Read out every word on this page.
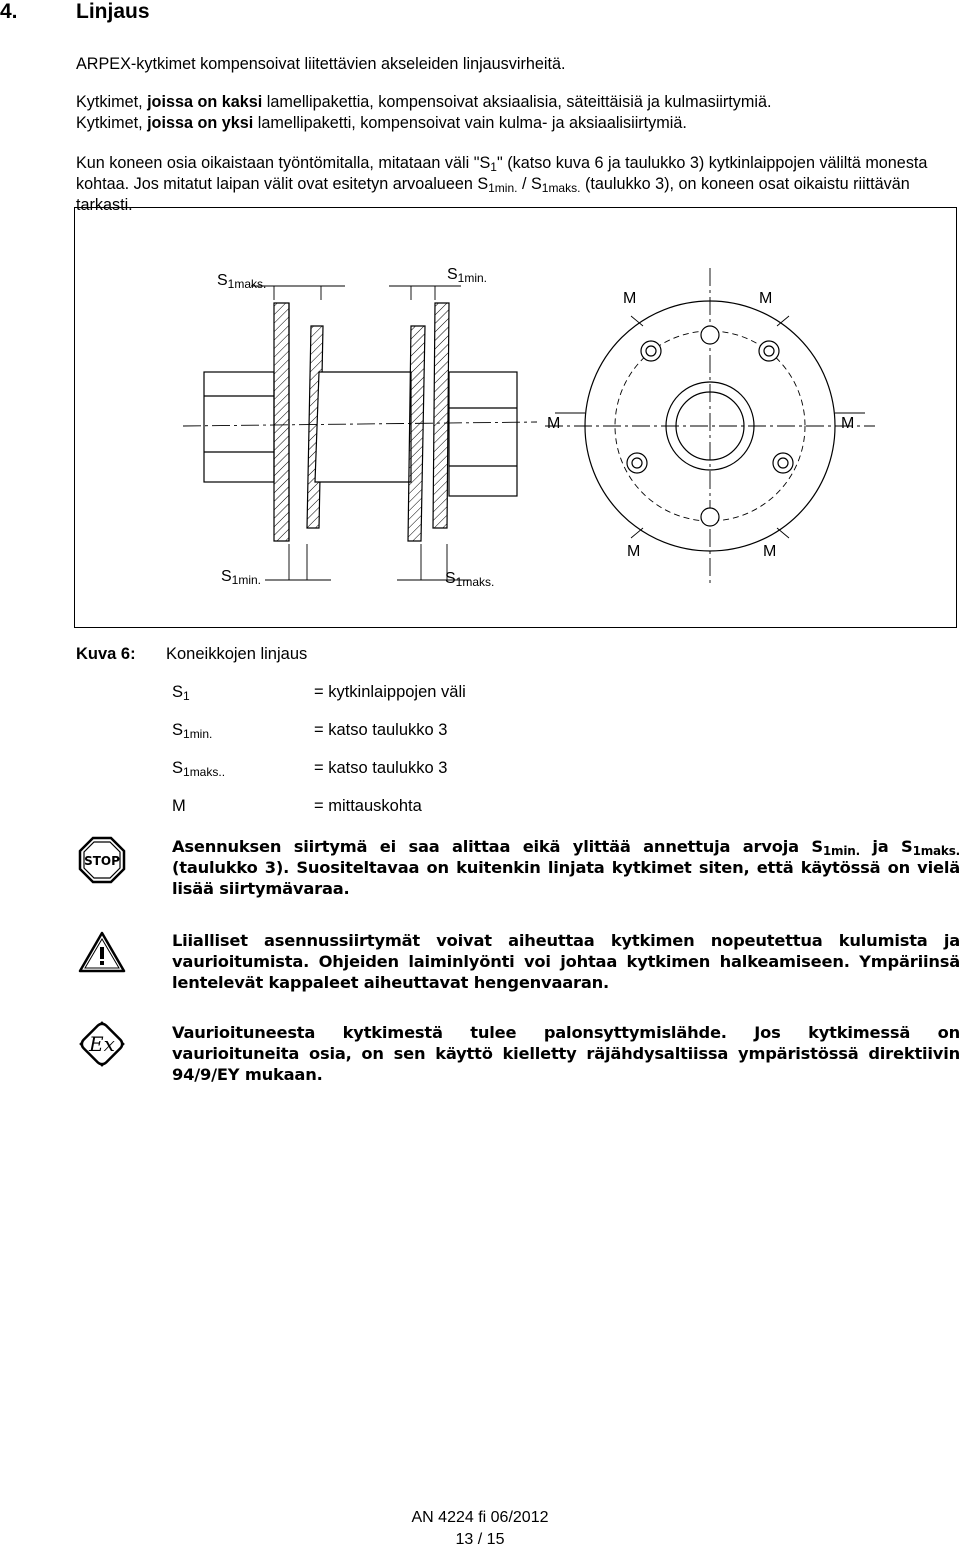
4.	Linjaus
ARPEX-kytkimet kompensoivat liitettävien akseleiden linjausvirheitä.
Kytkimet, joissa on kaksi lamellipakettia, kompensoivat aksiaalisia, säteittäisiä ja kulmasiirtymiä.
Kytkimet, joissa on yksi lamellipaketti, kompensoivat vain kulma- ja aksiaalisiirtymiä.
Kun koneen osia oikaistaan työntömitalla, mitataan väli "$S_1$" (katso kuva 6 ja taulukko 3) kytkinlaippojen väliltä monesta kohtaa. Jos mitatut laipan välit ovat esitetyn arvoalueen $S_{1min.} / S_{1maks.}$ (taulukko 3), on koneen osat oikaistu riittävän tarkasti.
$S_{1maks.}$
$S_{1min.}$
$S_{1min.}$	$S_{1maks.}$
M	M
M	M
M	M
Kuva 6: Koneikkojen linjaus
$S_1$	= kytkinlaippojen väli
$S_{1min.}$	= katso taulukko 3
$S_{1maks..}$	= katso taulukko 3
M	= mittauskohta
STOP
Asennuksen siirtymä ei saa alittaa eikä ylittää annettuja arvoja $S_{1min.}$ ja $S_{1maks.}$ (taulukko 3). Suositeltavaa on kuitenkin linjata kytkimet siten, että käytössä on vielä lisää siirtymävaraa.
Liialliset asennussiirtymät voivat aiheuttaa kytkimen nopeutettua kulumista ja vaurioitumista. Ohjeiden laiminlyönti voi johtaa kytkimen halkeamiseen. Ympäriinsä lentelevät kappaleet aiheuttavat hengenvaaran.
Ex	Vaurioituneesta kytkimestä tulee palonsyttymislähde. Jos kytkimessä on vaurioituneita osia, on sen käyttö kielletty räjähdysaltiissa ympäristössä direktiivin 94/9/EY mukaan.
AN 4224 fi 06/2012
13 / 15
